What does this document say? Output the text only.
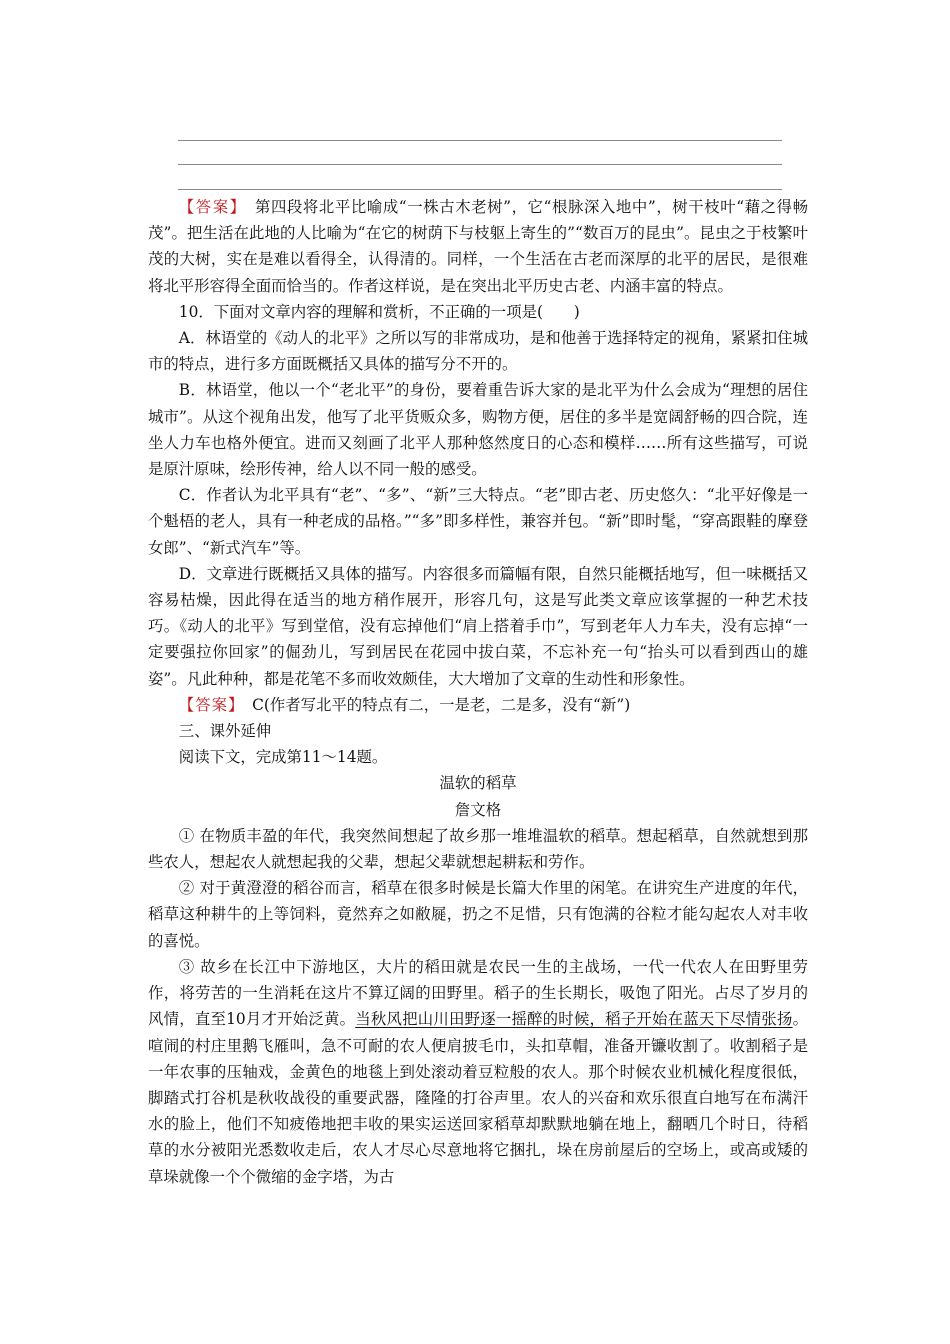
【答案】　 第四段将北平比喻成“一株古木老树”，它“根脉深入地中”，树干枝叶“藉之得畅茂”。把生活在此地的人比喻为“在它的树荫下与枝躯上寄生的”“数百万的昆虫”。昆虫之于枝繁叶茂的大树，实在是难以看得全，认得清的。同样，一个生活在古老而深厚的北平的居民，是很难将北平形容得全面而恰当的。作者这样说，是在突出北平历史古老、内涵丰富的特点。

10．下面对文章内容的理解和赏析，不正确的一项是(　　)

A．林语堂的《动人的北平》之所以写的非常成功，是和他善于选择特定的视角，紧紧扣住城市的特点，进行多方面既概括又具体的描写分不开的。

B．林语堂，他以一个“老北平”的身份，要着重告诉大家的是北平为什么会成为“理想的居住城市”。从这个视角出发，他写了北平货贩众多，购物方便，居住的多半是宽阔舒畅的四合院，连坐人力车也格外便宜。进而又刻画了北平人那种悠然度日的心态和模样……所有这些描写，可说是原汁原味，绘形传神，给人以不同一般的感受。

C．作者认为北平具有“老”、“多”、“新”三大特点。“老”即古老、历史悠久：“北平好像是一个魁梧的老人，具有一种老成的品格。”“多”即多样性，兼容并包。“新”即时髦，“穿高跟鞋的摩登女郎”、“新式汽车”等。

D．文章进行既概括又具体的描写。内容很多而篇幅有限，自然只能概括地写，但一味概括又容易枯燥，因此得在适当的地方稍作展开，形容几句，这是写此类文章应该掌握的一种艺术技巧。《动人的北平》写到堂倌，没有忘掉他们“肩上搭着手巾”，写到老年人力车夫，没有忘掉“一定要强拉你回家”的倔劲儿，写到居民在花园中拔白菜，不忘补充一句“抬头可以看到西山的雄姿”。凡此种种，都是花笔不多而收效颇佳，大大增加了文章的生动性和形象性。

【答案】　 C(作者写北平的特点有二，一是老，二是多，没有“新”)

三、课外延伸

阅读下文，完成第11～14题。

温软的稻草

詹文格

① 在物质丰盈的年代，我突然间想起了故乡那一堆堆温软的稻草。想起稻草，自然就想到那些农人，想起农人就想起我的父辈，想起父辈就想起耕耘和劳作。

② 对于黄澄澄的稻谷而言，稻草在很多时候是长篇大作里的闲笔。在讲究生产进度的年代，稻草这种耕牛的上等饲料，竟然弃之如敝屣，扔之不足惜，只有饱满的谷粒才能勾起农人对丰收的喜悦。

③ 故乡在长江中下游地区，大片的稻田就是农民一生的主战场，一代一代农人在田野里劳作，将劳苦的一生消耗在这片不算辽阔的田野里。稻子的生长期长，吸饱了阳光。占尽了岁月的风情，直至10月才开始泛黄。当秋风把山川田野逐一摇醉的时候，稻子开始在蓝天下尽情张扬。喧闹的村庄里鹅飞雁叫，急不可耐的农人便肩披毛巾，头扣草帽，准备开镰收割了。收割稻子是一年农事的压轴戏，金黄色的地毯上到处滚动着豆粒般的农人。那个时候农业机械化程度很低，脚踏式打谷机是秋收战役的重要武器，隆隆的打谷声里。农人的兴奋和欢乐很直白地写在布满汗水的脸上，他们不知疲倦地把丰收的果实运送回家稻草却默默地躺在地上，翻晒几个时日，待稻草的水分被阳光悉数收走后，农人才尽心尽意地将它捆扎，垛在房前屋后的空场上，或高或矮的草垛就像一个个微缩的金字塔，为古
